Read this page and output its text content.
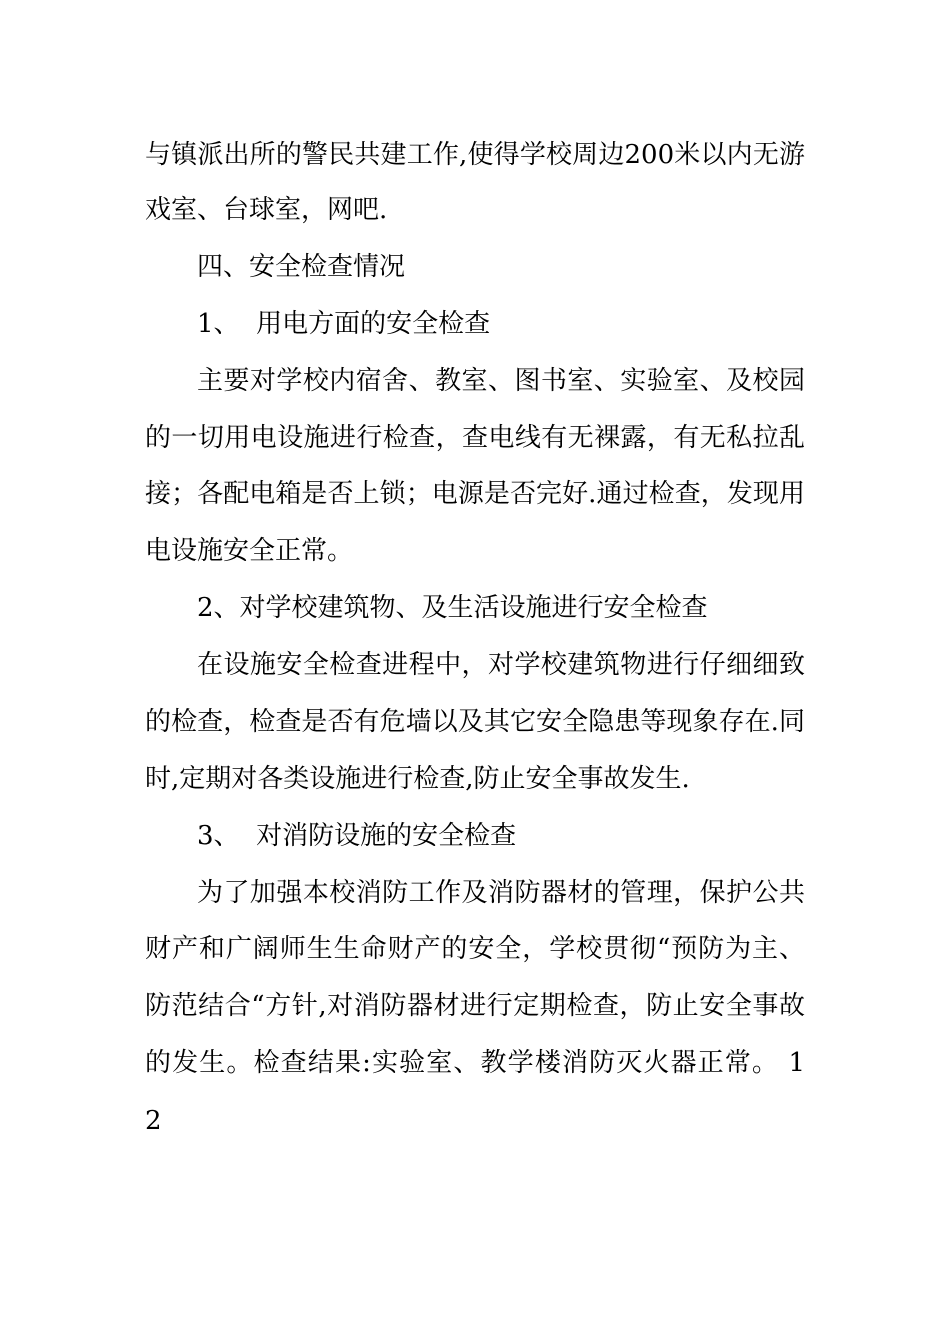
与镇派出所的警民共建工作,使得学校周边200米以内无游
戏室、台球室，网吧.
四、安全检查情况
1、  用电方面的安全检查
主要对学校内宿舍、教室、图书室、实验室、及校园
的一切用电设施进行检查，查电线有无裸露，有无私拉乱
接；各配电箱是否上锁；电源是否完好.通过检查，发现用
电设施安全正常。
2、对学校建筑物、及生活设施进行安全检查
在设施安全检查进程中，对学校建筑物进行仔细细致
的检查，检查是否有危墙以及其它安全隐患等现象存在.同
时,定期对各类设施进行检查,防止安全事故发生.
3、  对消防设施的安全检查
为了加强本校消防工作及消防器材的管理，保护公共
财产和广阔师生生命财产的安全，学校贯彻“预防为主、
防范结合“方针,对消防器材进行定期检查，防止安全事故
的发生。检查结果:实验室、教学楼消防灭火器正常。 1
2
